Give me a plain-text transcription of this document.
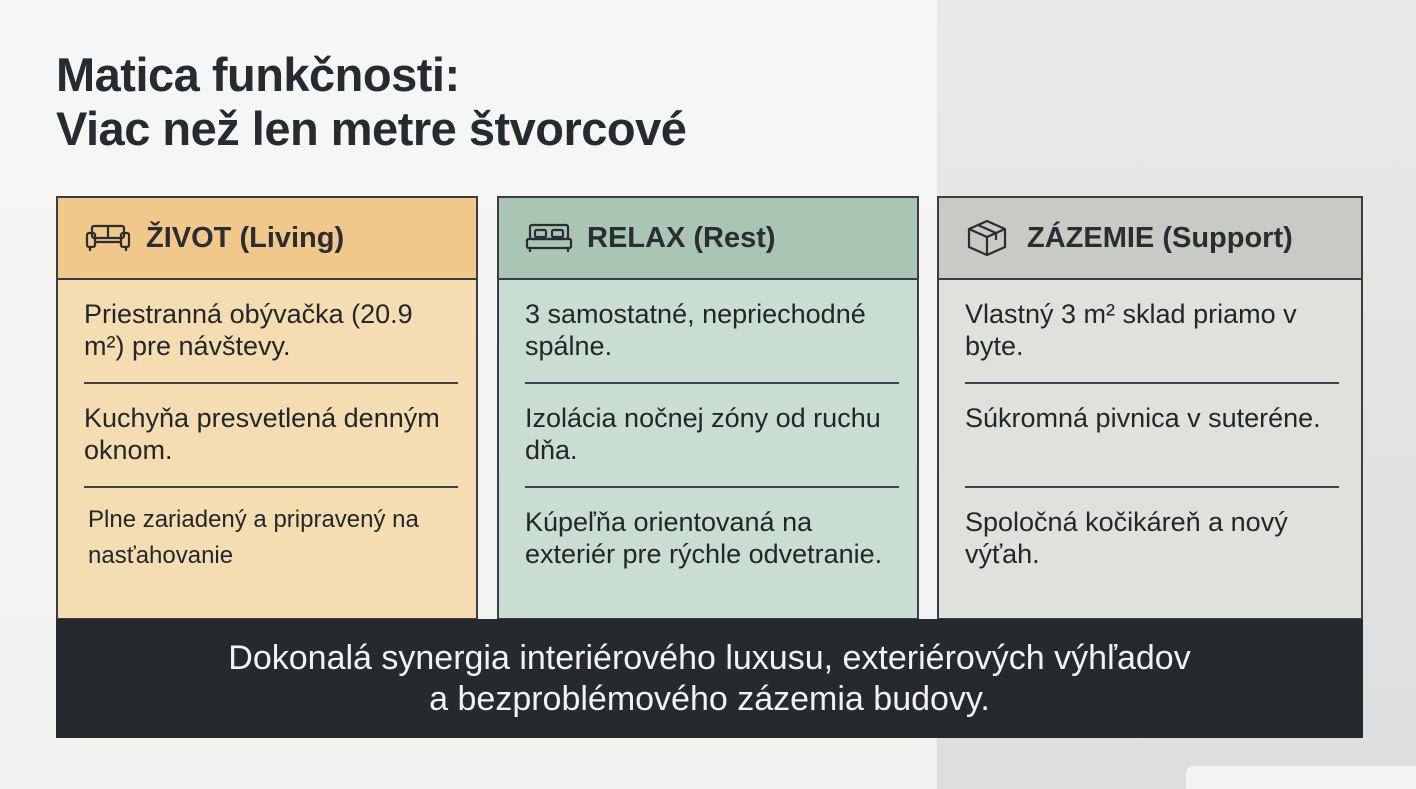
Matica funkčnosti:
Viac než len metre štvorcové
ŽIVOT (Living)
Priestranná obývačka (20.9 m²) pre návštevy.
Kuchyňa presvetlená denným oknom.
Plne zariadený a pripravený na nasťahovanie
RELAX (Rest)
3 samostatné, nepriechodné spálne.
Izolácia nočnej zóny od ruchu dňa.
Kúpeľňa orientovaná na exteriér pre rýchle odvetranie.
ZÁZEMIE (Support)
Vlastný 3 m² sklad priamo v byte.
Súkromná pivnica v suteréne.
Spoločná kočikáreň a nový výťah.
Dokonalá synergia interiérového luxusu, exteriérových výhľadov
a bezproblémového zázemia budovy.
